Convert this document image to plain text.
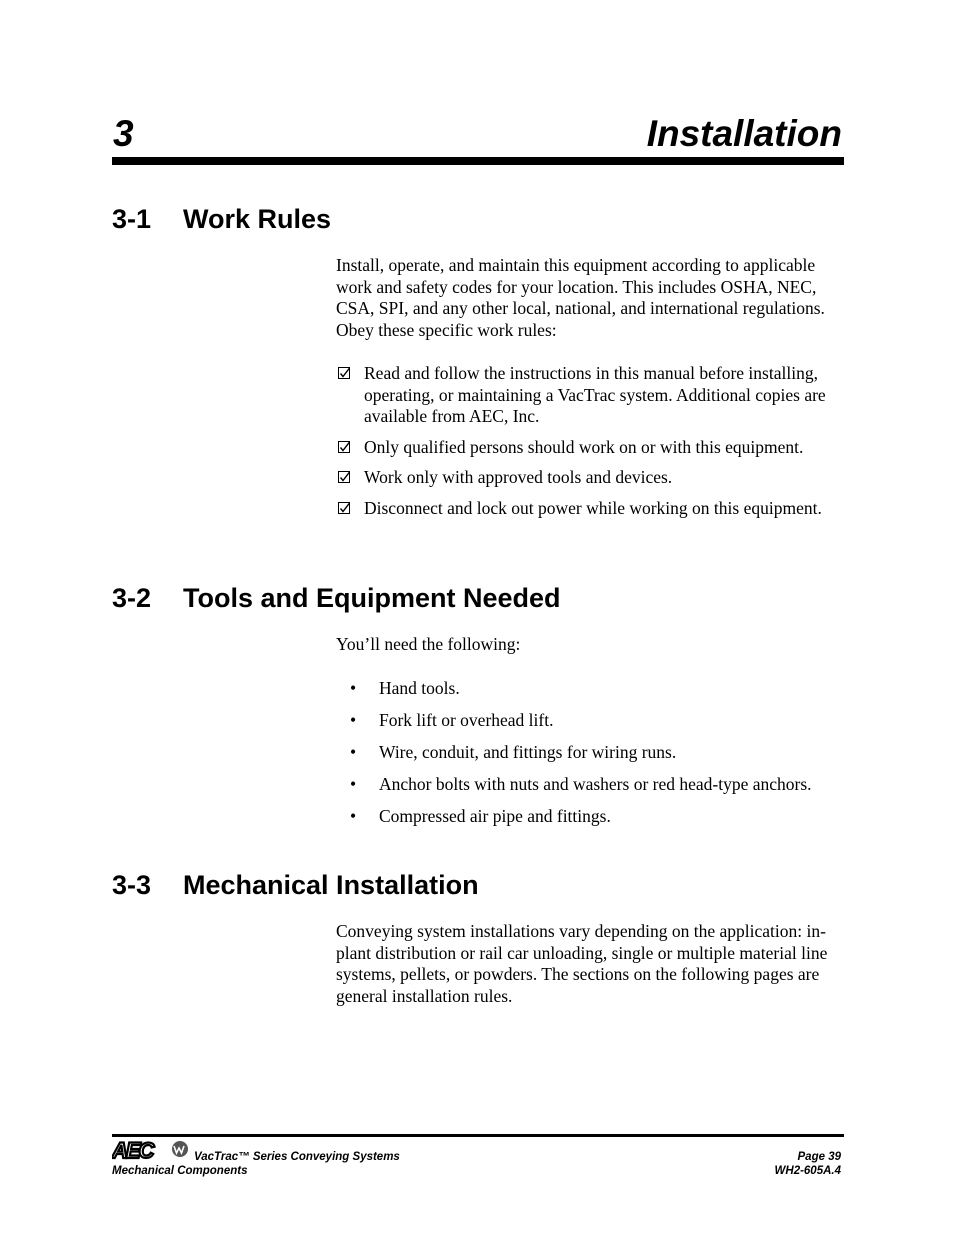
3	Installation
3-1 Work Rules
Install, operate, and maintain this equipment according to applicable work and safety codes for your location. This includes OSHA, NEC, CSA, SPI, and any other local, national, and international regulations. Obey these specific work rules:
Read and follow the instructions in this manual before installing, operating, or maintaining a VacTrac system. Additional copies are available from AEC, Inc.
Only qualified persons should work on or with this equipment.
Work only with approved tools and devices.
Disconnect and lock out power while working on this equipment.
3-2 Tools and Equipment Needed
You’ll need the following:
• Hand tools.
• Fork lift or overhead lift.
• Wire, conduit, and fittings for wiring runs.
• Anchor bolts with nuts and washers or red head-type anchors.
• Compressed air pipe and fittings.
3-3 Mechanical Installation
Conveying system installations vary depending on the application: in-plant distribution or rail car unloading, single or multiple material line systems, pellets, or powders. The sections on the following pages are general installation rules.
AEC	VacTrac™ Series Conveying Systems
Mechanical Components
Page 39
WH2-605A.4
